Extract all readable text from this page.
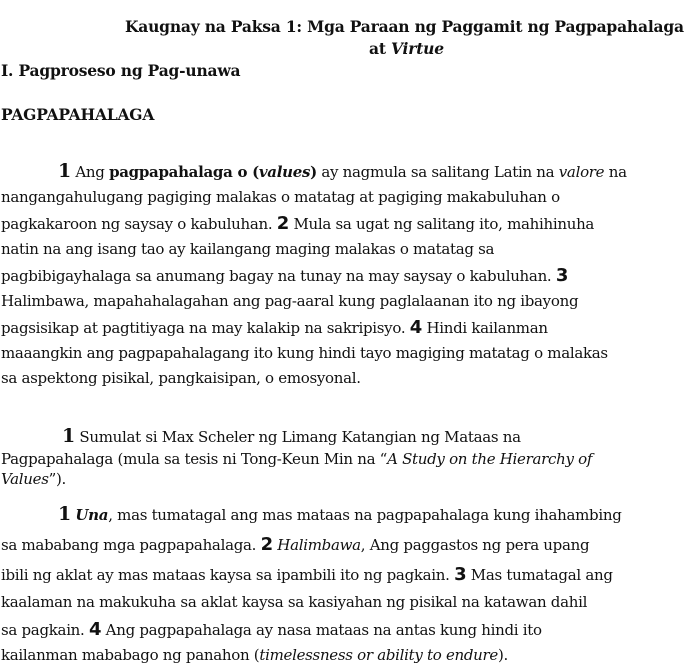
Kaugnay na Paksa 1: Mga Paraan ng Paggamit ng Pagpapahalaga
at Virtue
I. Pagproseso ng Pag-unawa
PAGPAPAHALAGA
1 Ang pagpapahalaga o (values) ay nagmula sa salitang Latin na valore na
nangangahulugang pagiging malakas o matatag at pagiging makabuluhan o
pagkakaroon ng saysay o kabuluhan. 2 Mula sa ugat ng salitang ito, mahihinuha
natin na ang isang tao ay kailangang maging malakas o matatag sa
pagbibigayhalaga sa anumang bagay na tunay na may saysay o kabuluhan. 3
Halimbawa, mapahahalagahan ang pag-aaral kung paglalaanan ito ng ibayong
pagsisikap at pagtitiyaga na may kalakip na sakripisyo. 4 Hindi kailanman
maaangkin ang pagpapahalagang ito kung hindi tayo magiging matatag o malakas
sa aspektong pisikal, pangkaisipan, o emosyonal.
1 Sumulat si Max Scheler ng Limang Katangian ng Mataas na
Pagpapahalaga (mula sa tesis ni Tong-Keun Min na “A Study on the Hierarchy of
Values”).
1 Una, mas tumatagal ang mas mataas na pagpapahalaga kung ihahambing
sa mababang mga pagpapahalaga. 2 Halimbawa, Ang paggastos ng pera upang
ibili ng aklat ay mas mataas kaysa sa ipambili ito ng pagkain. 3 Mas tumatagal ang
kaalaman na makukuha sa aklat kaysa sa kasiyahan ng pisikal na katawan dahil
sa pagkain. 4 Ang pagpapahalaga ay nasa mataas na antas kung hindi ito
kailanman mababago ng panahon (timelessness or ability to endure).
